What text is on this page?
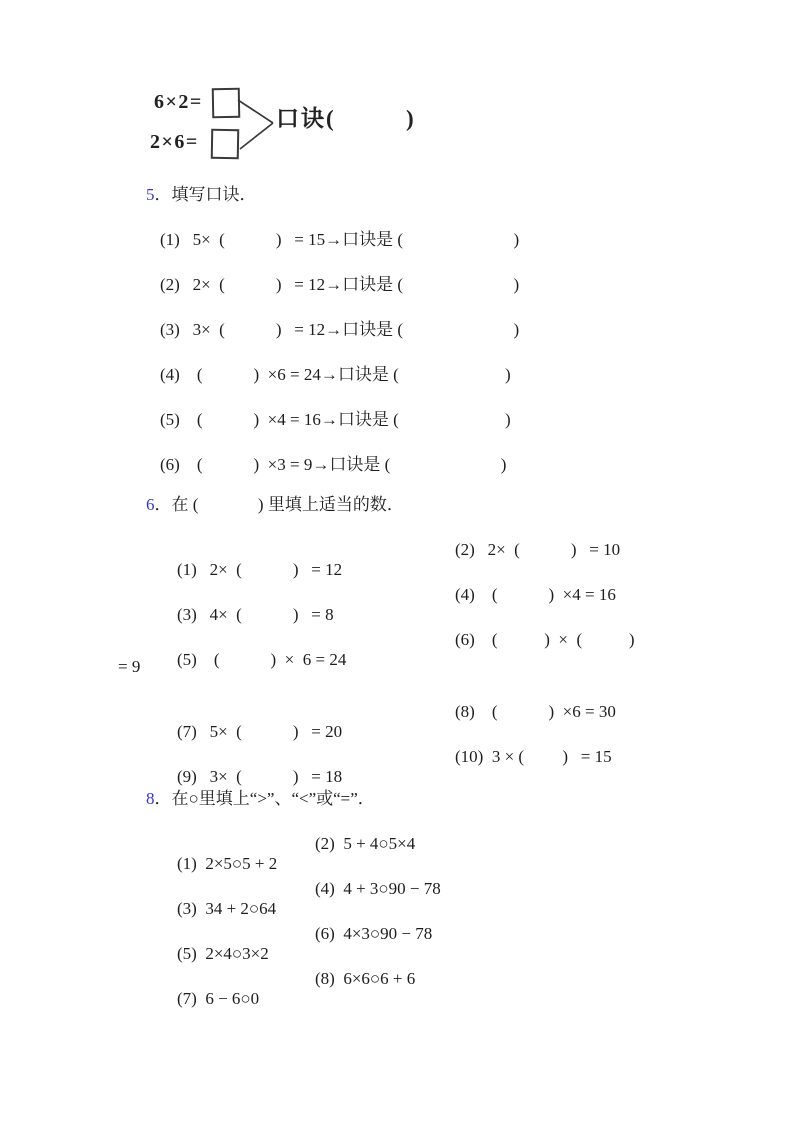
6×2=
2×6=
口诀(	)
5．填写口诀．
(1)   5×  (            )   = 15→口诀是 (                          )
(2)   2×  (            )   = 12→口诀是 (                          )
(3)   3×  (            )   = 12→口诀是 (                          )
(4)    (            )  ×6 = 24→口诀是 (                         )
(5)    (            )  ×4 = 16→口诀是 (                         )
(6)    (            )  ×3 = 9→口诀是 (                          )
6．在 (              ) 里填上适当的数．

(1)   2×  (            )   = 12

(2)   2×  (            )   = 10

(3)   4×  (            )   = 8

(4)    (            )  ×4 = 16

(5)    (            )  ×  6 = 24

(6)    (           )  ×  (           )

= 9

(7)   5×  (            )   = 20

(8)    (            )  ×6 = 30

(9)   3×  (            )   = 18

(10)  3 × (         )   = 15

8．在○里填上“>”、“<”或“=”．

(1)  2×5○5 + 2

(2)  5 + 4○5×4

(3)  34 + 2○64

(4)  4 + 3○90 − 78

(5)  2×4○3×2

(6)  4×3○90 − 78

(7)  6 − 6○0

(8)  6×6○6 + 6
